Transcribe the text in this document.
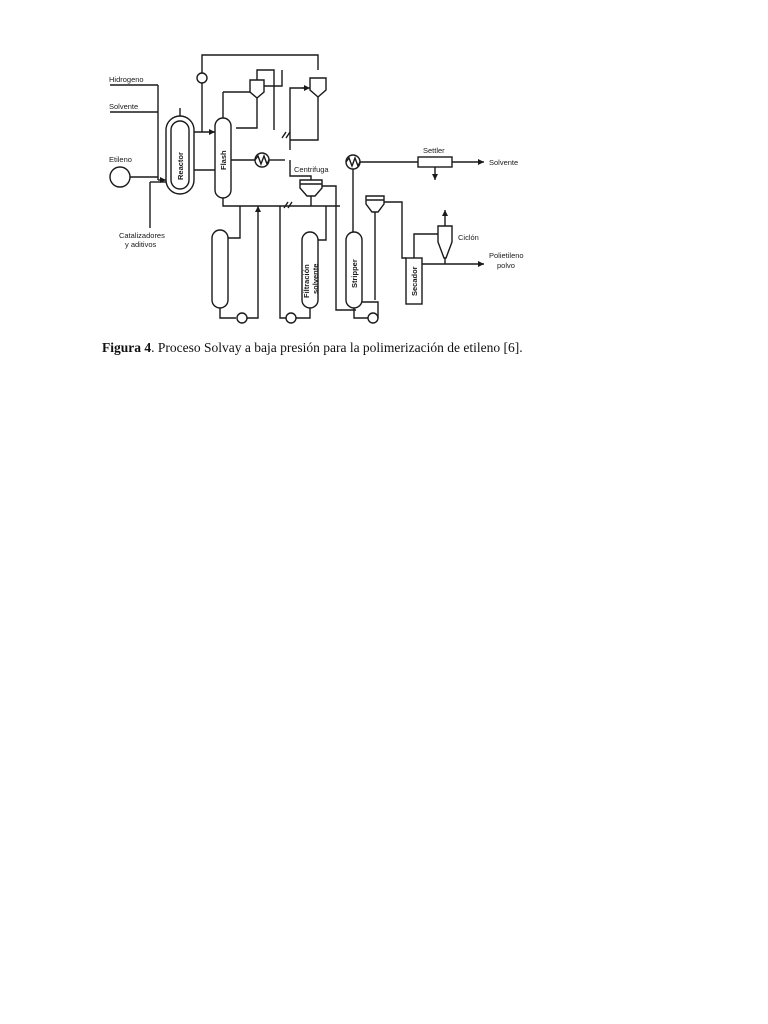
Hidrogeno
Solvente
Etileno
Catalizadores
y aditivos
Reactor	Flash	Centrifuga
Filtración solvente	Stripper
Settler
Solvente
Ciclón
Secador
Polietileno
polvo
Figura 4. Proceso Solvay a baja presión para la polimerización de etileno [6].
